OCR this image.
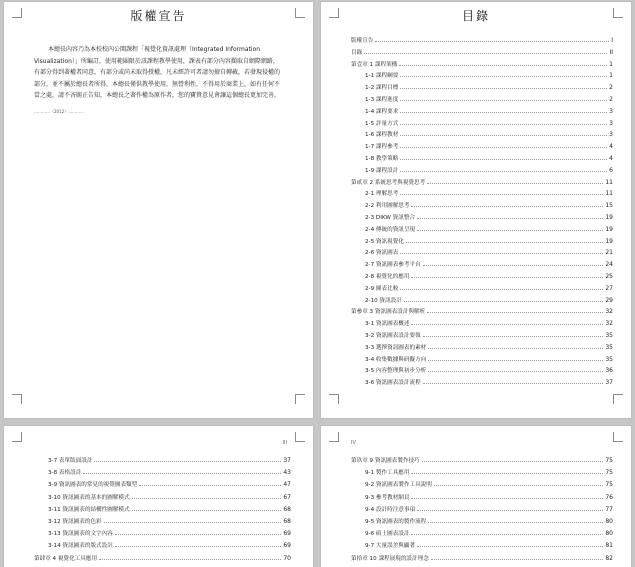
版權宣告
本總長內容乃為本校校內公開課程「視覺化資訊處理（Integrated Information Visualization）」所編訂，使用範圍限於該課程教學使用，課表有部分內容擷取自網際網路，有部分得到著權者同意，有部分或尚未取得授權，凡未經許可者請勿擅自轉載，若發現侵權的部分，並不屬於總長者所得，本總長僅供教學使用，無營利性，不得用於商業上，如有任何不當之處，請不吝賜正告知，本總長之著作權為原作者，您的寶貴意見會讓這個總長更加完善。
…………（2012）…………
目錄
版權宣告	I
目錄	II
第壹章 1 課程架構	1
1-1 課程綱要	1
1-2 課程目標	2
1-3 課程進度	2
1-4 課程要求	3
1-5 評量方式	3
1-6 課程教材	3
1-7 課程參考	4
1-8 教學策略	4
1-9 課程設計	6
第貳章 2 系統思考與視覺思考	11
2-1 理解思考	11
2-2 利用圖解思考	15
2-3 DIKW 資訊整合	19
2-4 傳統的資訊呈現	19
2-5 資訊視覺化	19
2-6 資訊圖表	21
2-7 資訊圖表參考平台	24
2-8 視覺化的應用	25
2-9 圖表比較	27
2-10 資訊設計	29
第參章 3 資訊圖表設計與解析	32
3-1 資訊圖表概述	32
3-2 資訊圖表設計要領	35
3-3 選擇資訊圖表的素材	35
3-4 收集數據與研擬方向	35
3-5 內容整理與初步分析	36
3-6 資訊圖表設計流程	37
III
3-7 表單版面設計	37
3-8 表格設計	43
3-9 資訊圖表的常見的視覺圖表類型	47
3-10 資訊圖表的基本的圖解模式	67
3-11 資訊圖表的結構性圖解模式	68
3-12 資訊圖表的色彩	68
3-13 資訊圖表的文字內容	69
3-14 資訊圖表的版式設計	69
第肆章 4 視覺化工具應用	70
IV
第玖章 9 資訊圖表製作技巧	75
9-1 製作工具應用	75
9-2 資訊圖表製作工具說明	75
9-3 參考教材網頁	76
9-4 設計時注意事項	77
9-5 資訊圖表的製作流程	80
9-6 碩士圖表設計	80
9-7 大量誤差與顯著	81
第拾章 10 課程展現的設計理念	82
